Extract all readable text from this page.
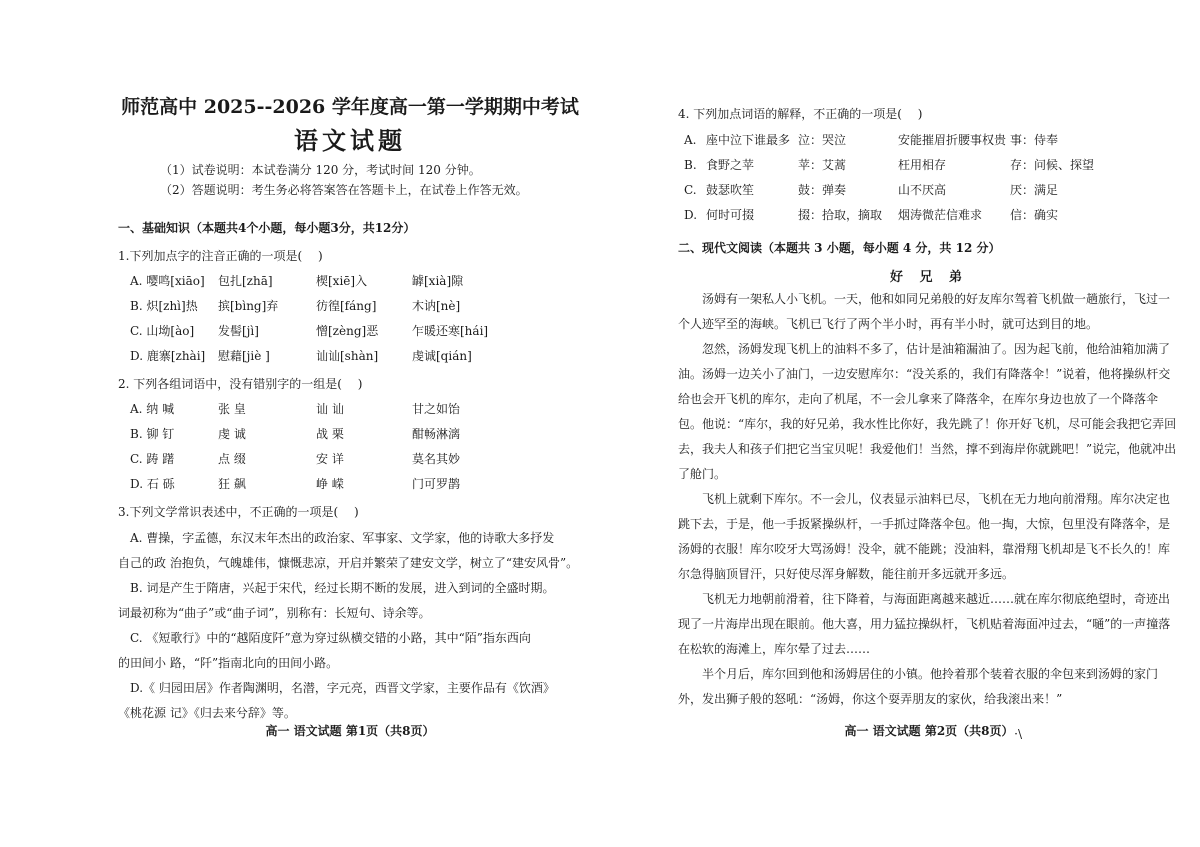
师范高中 2025--2026 学年度高一第一学期期中考试
语文试题

（1）试卷说明：本试卷满分 120 分，考试时间 120 分钟。

（2）答题说明：考生务必将答案答在答题卡上，在试卷上作答无效。

一、基础知识（本题共4个小题，每小题3分，共12分）

1.下列加点字的注音正确的一项是(　 )

A. 嘤鸣[xiāo]	包扎[zhā]	楔[xiē]入	罅[xià]隙
B. 炽[zhì]热	摈[bìng]弃	彷徨[fáng]	木讷[nè]
C. 山坳[ào]	发髻[jì]	憎[zèng]恶	乍暖还寒[hái]
D. 鹿寨[zhài]	慰藉[jiè ]	讪讪[shàn]	虔诚[qián]

2. 下列各组词语中，没有错别字的一组是(　 )

A. 纳 喊	张 皇	讪 讪	甘之如饴
B. 铆 钉	虔 诚	战 栗	酣畅淋漓
C. 踌 躇	点 缀	安 详	莫名其妙
D. 石 砾	狂 飙	峥 嵘	门可罗鹊

3.下列文学常识表述中，不正确的一项是(　 )

A. 曹操，字孟德，东汉末年杰出的政治家、军事家、文学家，他的诗歌大多抒发

自己的政 治抱负，气魄雄伟，慷慨悲凉，开启并繁荣了建安文学，树立了“建安风骨”。

B. 词是产生于隋唐，兴起于宋代，经过长期不断的发展，进入到词的全盛时期。

词最初称为“曲子”或“曲子词”，别称有：长短句、诗余等。

C. 《短歌行》中的“越陌度阡”意为穿过纵横交错的小路，其中“陌”指东西向

的田间小 路，“阡”指南北向的田间小路。

D.《 归园田居》作者陶渊明，名潜，字元亮，西晋文学家，主要作品有《饮酒》

《桃花源 记》《归去来兮辞》等。

高一 语文试题 第1页（共8页）

4. 下列加点词语的解释，不正确的一项是(　 )

A. 座中泣下谁最多 泣：哭泣	安能摧眉折腰事权贵 事：侍奉
B. 食野之苹	苹：艾蒿	枉用相存	存：问候、探望
C. 鼓瑟吹笙	鼓：弹奏	山不厌高	厌：满足
D. 何时可掇	掇：拾取，摘取	烟涛微茫信难求	信：确实

二、现代文阅读（本题共 3 小题，每小题 4 分，共 12 分）

好 兄 弟

汤姆有一架私人小飞机。一天，他和如同兄弟般的好友库尔驾着飞机做一趟旅行，飞过一个人迹罕至的海峡。飞机已飞行了两个半小时，再有半小时，就可达到目的地。

忽然，汤姆发现飞机上的油料不多了，估计是油箱漏油了。因为起飞前，他给油箱加满了油。汤姆一边关小了油门，一边安慰库尔：“没关系的，我们有降落伞！”说着，他将操纵杆交给也会开飞机的库尔，走向了机尾，不一会儿拿来了降落伞，在库尔身边也放了一个降落伞包。他说：“库尔，我的好兄弟，我水性比你好，我先跳了！你开好飞机，尽可能会我把它弄回去，我夫人和孩子们把它当宝贝呢！我爱他们！当然，撑不到海岸你就跳吧！”说完，他就冲出了舱门。

飞机上就剩下库尔。不一会儿，仪表显示油料已尽，飞机在无力地向前滑翔。库尔决定也跳下去，于是，他一手扳紧操纵杆，一手抓过降落伞包。他一掏，大惊，包里没有降落伞，是汤姆的衣服！库尔咬牙大骂汤姆！没伞，就不能跳；没油料，靠滑翔飞机却是飞不长久的！库尔急得脑顶冒汗，只好使尽浑身解数，能往前开多远就开多远。

飞机无力地朝前滑着，往下降着，与海面距离越来越近……就在库尔彻底绝望时，奇迹出现了一片海岸出现在眼前。他大喜，用力猛拉操纵杆，飞机贴着海面冲过去，“嗵”的一声撞落在松软的海滩上，库尔晕了过去……

半个月后，库尔回到他和汤姆居住的小镇。他拎着那个装着衣服的伞包来到汤姆的家门外，发出狮子般的怒吼：“汤姆，你这个耍弄朋友的家伙，给我滚出来！”

高一 语文试题 第2页（共8页） ·\
